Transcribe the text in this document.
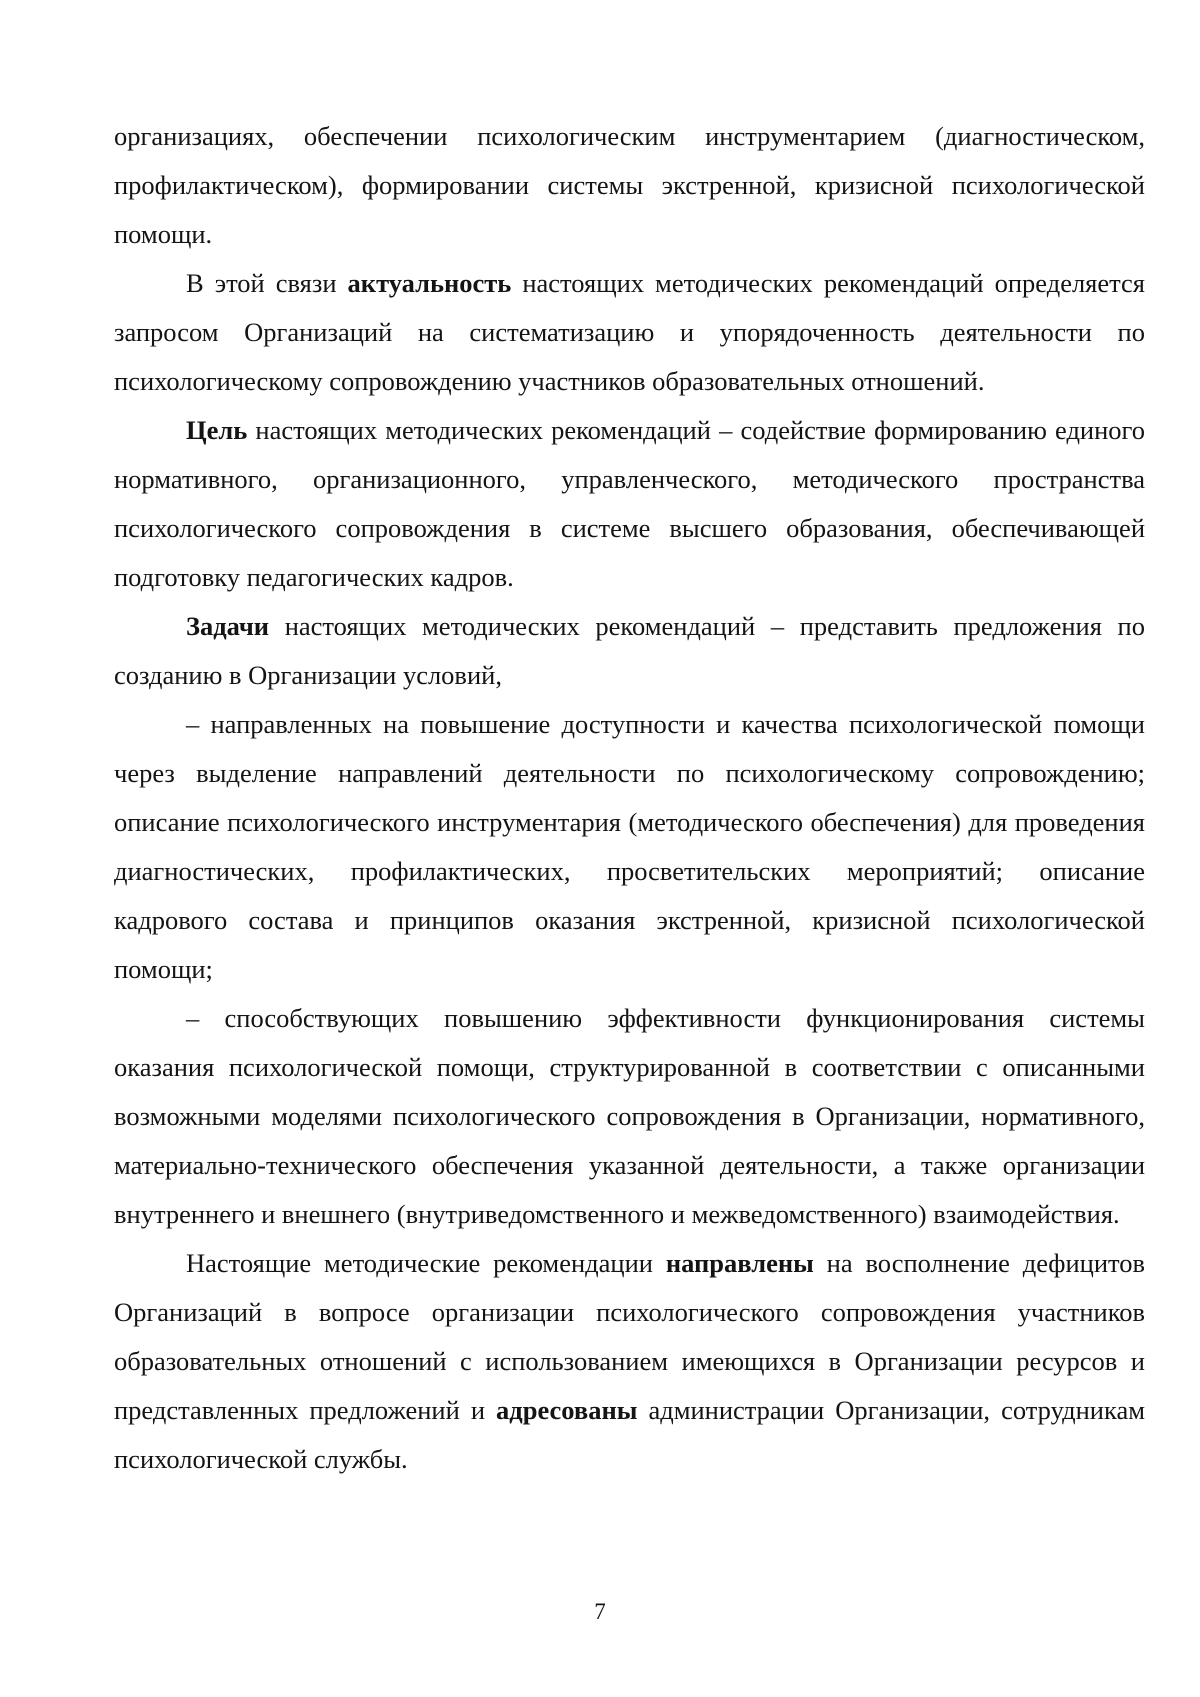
организациях, обеспечении психологическим инструментарием (диагностическом, профилактическом), формировании системы экстренной, кризисной психологической помощи.

В этой связи актуальность настоящих методических рекомендаций определяется запросом Организаций на систематизацию и упорядоченность деятельности по психологическому сопровождению участников образовательных отношений.

Цель настоящих методических рекомендаций – содействие формированию единого нормативного, организационного, управленческого, методического пространства психологического сопровождения в системе высшего образования, обеспечивающей подготовку педагогических кадров.

Задачи настоящих методических рекомендаций – представить предложения по созданию в Организации условий,

– направленных на повышение доступности и качества психологической помощи через выделение направлений деятельности по психологическому сопровождению; описание психологического инструментария (методического обеспечения) для проведения диагностических, профилактических, просветительских мероприятий; описание кадрового состава и принципов оказания экстренной, кризисной психологической помощи;

– способствующих повышению эффективности функционирования системы оказания психологической помощи, структурированной в соответствии с описанными возможными моделями психологического сопровождения в Организации, нормативного, материально-технического обеспечения указанной деятельности, а также организации внутреннего и внешнего (внутриведомственного и межведомственного) взаимодействия.

Настоящие методические рекомендации направлены на восполнение дефицитов Организаций в вопросе организации психологического сопровождения участников образовательных отношений с использованием имеющихся в Организации ресурсов и представленных предложений и адресованы администрации Организации, сотрудникам психологической службы.

7
